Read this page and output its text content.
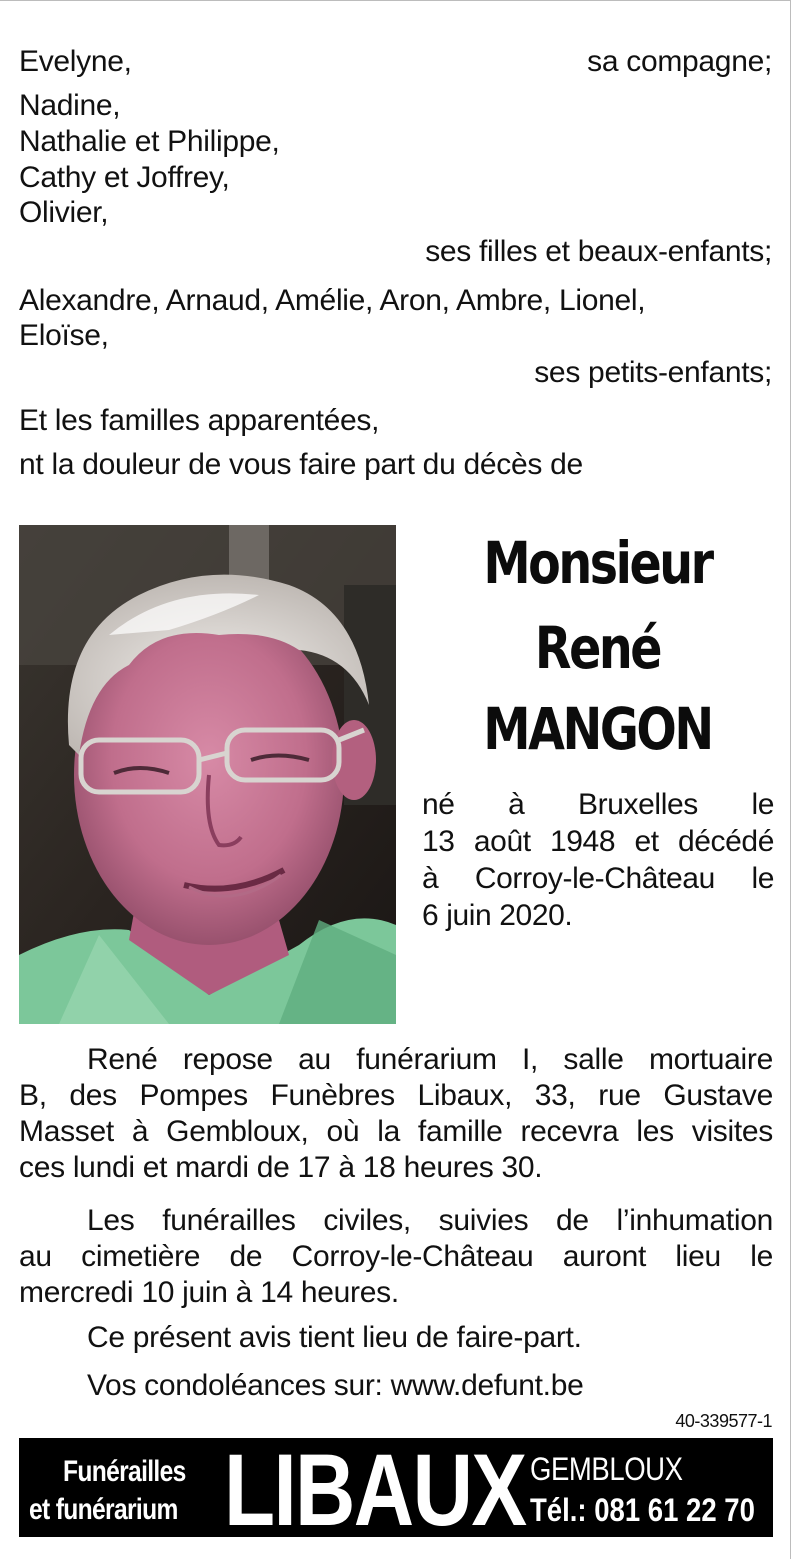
Evelyne,	sa compagne;
Nadine,
Nathalie et Philippe,
Cathy et Joffrey,
Olivier,
ses filles et beaux-enfants;
Alexandre, Arnaud, Amélie, Aron, Ambre, Lionel,
Eloïse,
ses petits-enfants;
Et les familles apparentées,
nt la douleur de vous faire part du décès de
Monsieur
René
MANGON
né à Bruxelles le
13 août 1948 et décédé
à Corroy-le-Château le
6 juin 2020.
René repose au funérarium I, salle mortuaire
B, des Pompes Funèbres Libaux, 33, rue Gustave
Masset à Gembloux, où la famille recevra les visites
ces lundi et mardi de 17 à 18 heures 30.
Les funérailles civiles, suivies de l’inhumation
au cimetière de Corroy-le-Château auront lieu le
mercredi 10 juin à 14 heures.
Ce présent avis tient lieu de faire-part.
Vos condoléances sur: www.defunt.be
40-339577-1
Funérailles
et funérarium LIBAUX GEMBLOUX
Tél.: 081 61 22 70
